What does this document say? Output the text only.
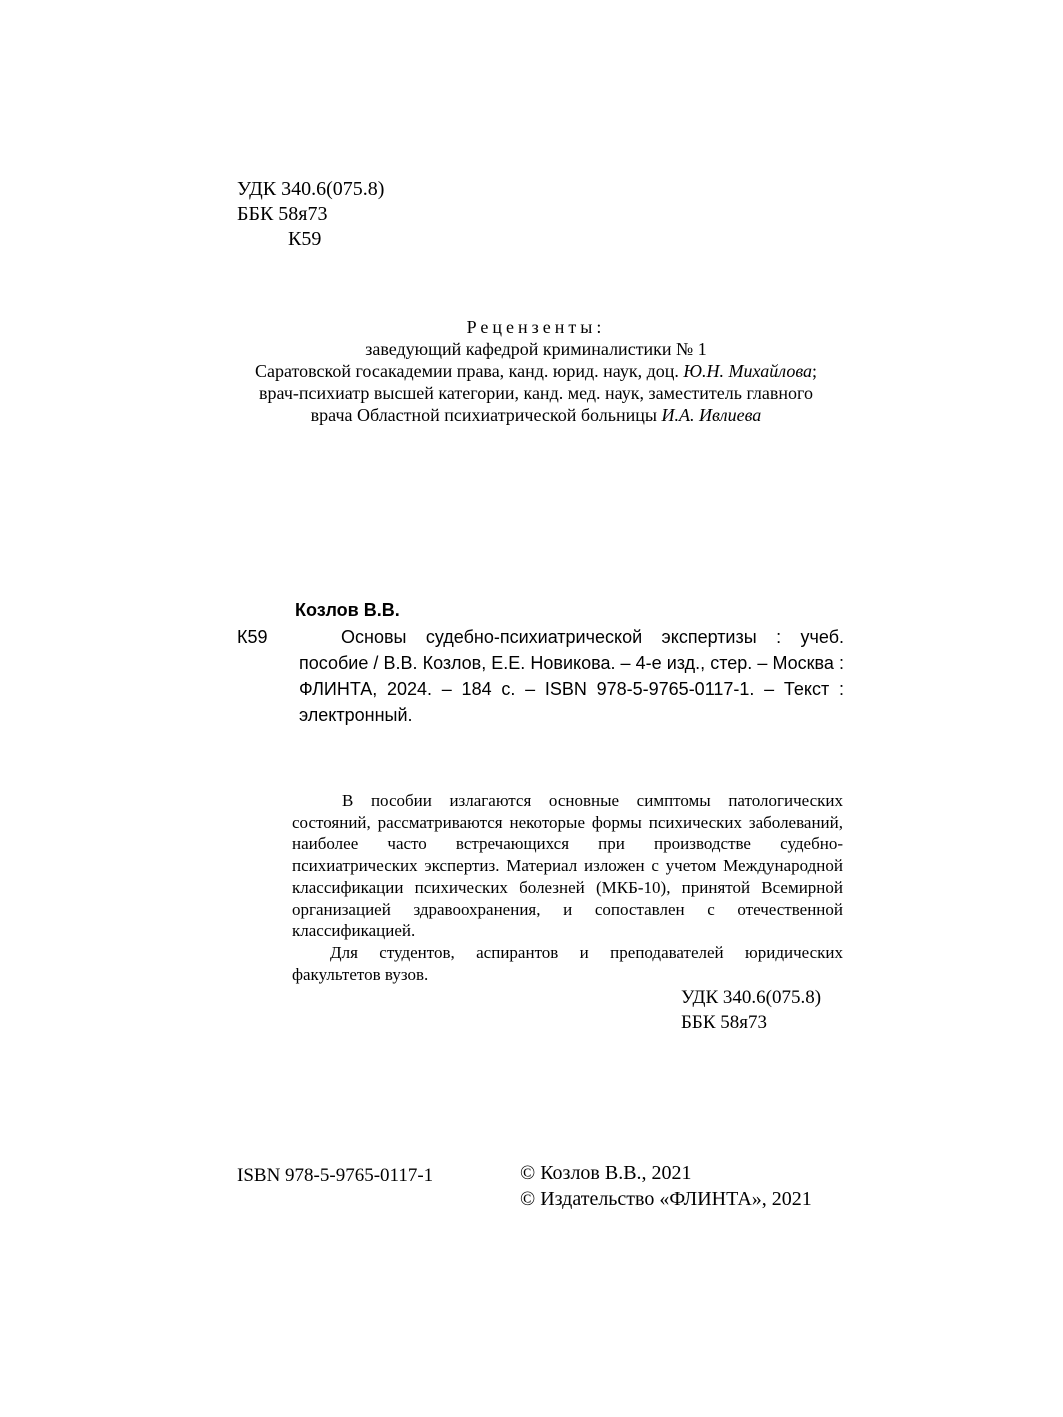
УДК 340.6(075.8)
ББК 58я73
К59
Рецензенты:
заведующий кафедрой криминалистики № 1
Саратовской госакадемии права, канд. юрид. наук, доц. Ю.Н. Михайлова;
врач-психиатр высшей категории, канд. мед. наук, заместитель главного
врача Областной психиатрической больницы И.А. Ивлиева
Козлов В.В.
К59	Основы судебно-психиатрической экспертизы : учеб. пособие / В.В. Козлов, Е.Е. Новикова. – 4-е изд., стер. – Москва : ФЛИНТА, 2024. – 184 с. – ISBN 978-5-9765-0117-1. – Текст : электронный.

В пособии излагаются основные симптомы патологических состояний, рассматриваются некоторые формы психических заболеваний, наиболее часто встречающихся при производстве судебно-психиатрических экспертиз. Материал изложен с учетом Международной классификации психических болезней (МКБ-10), принятой Всемирной организацией здравоохранения, и сопоставлен с отечественной классификацией.

Для студентов, аспирантов и преподавателей юридических факультетов вузов.

УДК 340.6(075.8)
ББК 58я73
ISBN 978-5-9765-0117-1	© Козлов В.В., 2021
© Издательство «ФЛИНТА», 2021
